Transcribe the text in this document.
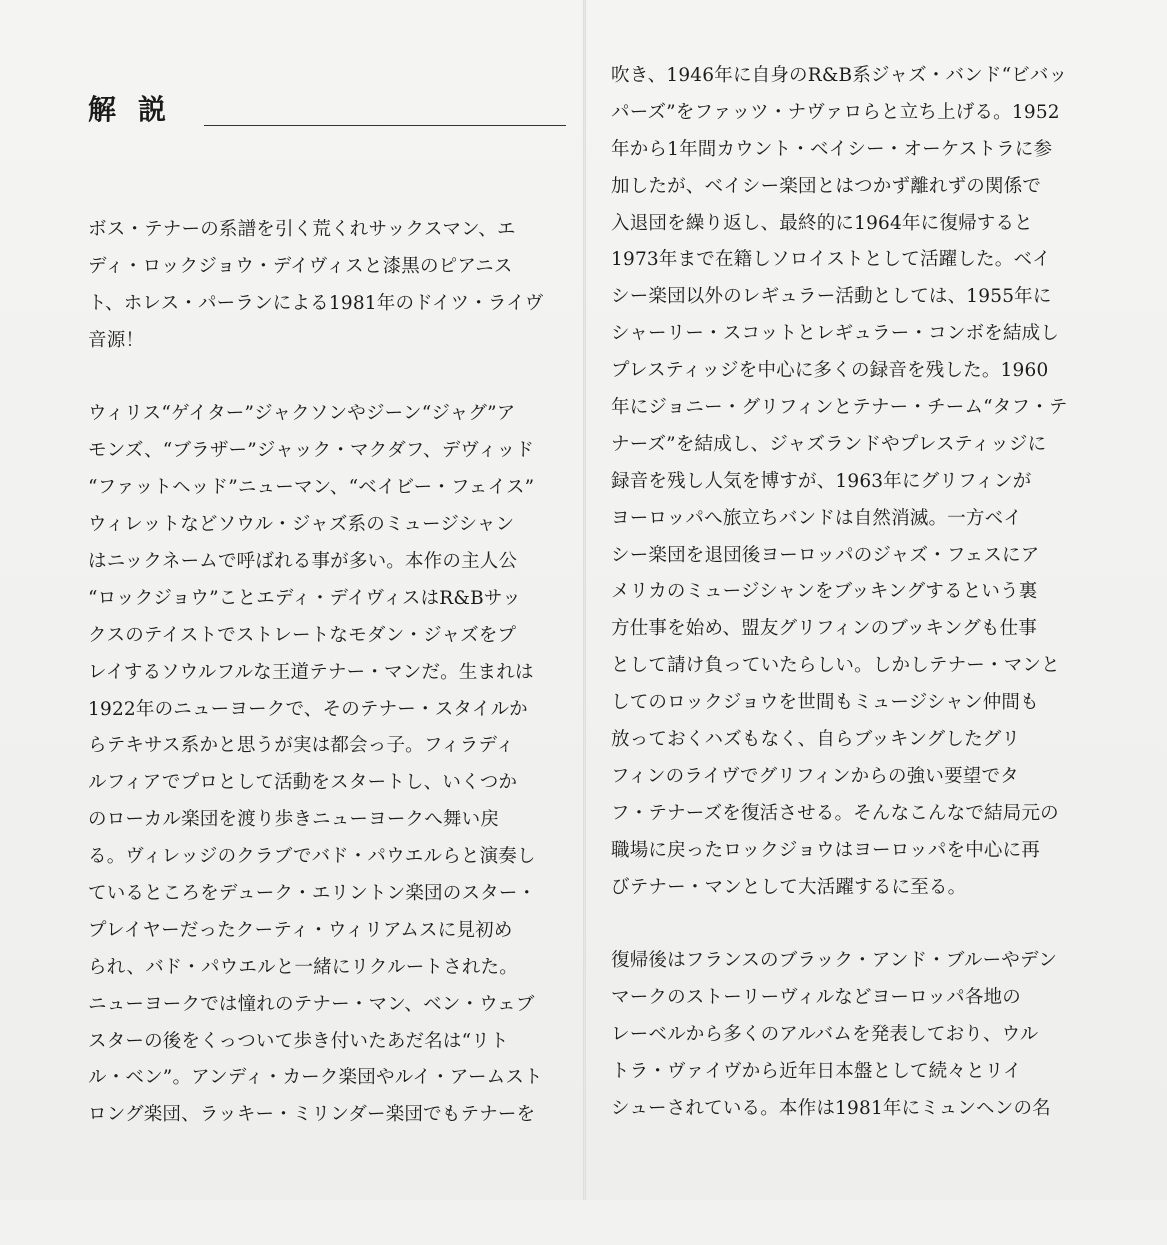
解説
ボス・テナーの系譜を引く荒くれサックスマン、エ
ディ・ロックジョウ・デイヴィスと漆黒のピアニス
ト、ホレス・パーランによる1981年のドイツ・ライヴ
音源！
ウィリス“ゲイター”ジャクソンやジーン“ジャグ”ア
モンズ、“ブラザー”ジャック・マクダフ、デヴィッド
“ファットヘッド”ニューマン、“ベイビー・フェイス”
ウィレットなどソウル・ジャズ系のミュージシャン
はニックネームで呼ばれる事が多い。本作の主人公
“ロックジョウ”ことエディ・デイヴィスはR&Bサッ
クスのテイストでストレートなモダン・ジャズをプ
レイするソウルフルな王道テナー・マンだ。生まれは
1922年のニューヨークで、そのテナー・スタイルか
らテキサス系かと思うが実は都会っ子。フィラディ
ルフィアでプロとして活動をスタートし、いくつか
のローカル楽団を渡り歩きニューヨークへ舞い戻
る。ヴィレッジのクラブでバド・パウエルらと演奏し
ているところをデューク・エリントン楽団のスター・
プレイヤーだったクーティ・ウィリアムスに見初め
られ、バド・パウエルと一緒にリクルートされた。
ニューヨークでは憧れのテナー・マン、ベン・ウェブ
スターの後をくっついて歩き付いたあだ名は“リト
ル・ベン”。アンディ・カーク楽団やルイ・アームスト
ロング楽団、ラッキー・ミリンダー楽団でもテナーを
吹き、1946年に自身のR&B系ジャズ・バンド“ビバッ
パーズ”をファッツ・ナヴァロらと立ち上げる。1952
年から1年間カウント・ベイシー・オーケストラに参
加したが、ベイシー楽団とはつかず離れずの関係で
入退団を繰り返し、最終的に1964年に復帰すると
1973年まで在籍しソロイストとして活躍した。ベイ
シー楽団以外のレギュラー活動としては、1955年に
シャーリー・スコットとレギュラー・コンボを結成し
プレスティッジを中心に多くの録音を残した。1960
年にジョニー・グリフィンとテナー・チーム“タフ・テ
ナーズ”を結成し、ジャズランドやプレスティッジに
録音を残し人気を博すが、1963年にグリフィンが
ヨーロッパへ旅立ちバンドは自然消滅。一方ベイ
シー楽団を退団後ヨーロッパのジャズ・フェスにア
メリカのミュージシャンをブッキングするという裏
方仕事を始め、盟友グリフィンのブッキングも仕事
として請け負っていたらしい。しかしテナー・マンと
してのロックジョウを世間もミュージシャン仲間も
放っておくハズもなく、自らブッキングしたグリ
フィンのライヴでグリフィンからの強い要望でタ
フ・テナーズを復活させる。そんなこんなで結局元の
職場に戻ったロックジョウはヨーロッパを中心に再
びテナー・マンとして大活躍するに至る。
復帰後はフランスのブラック・アンド・ブルーやデン
マークのストーリーヴィルなどヨーロッパ各地の
レーベルから多くのアルバムを発表しており、ウル
トラ・ヴァイヴから近年日本盤として続々とリイ
シューされている。本作は1981年にミュンヘンの名
